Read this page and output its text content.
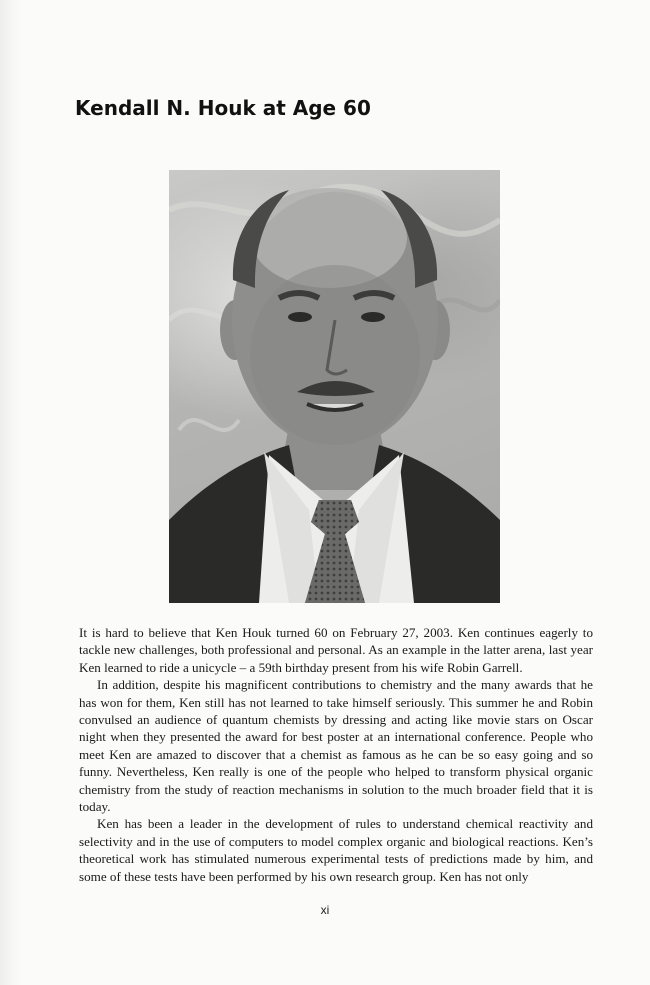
Kendall N. Houk at Age 60

It is hard to believe that Ken Houk turned 60 on February 27, 2003. Ken continues eagerly to tackle new challenges, both professional and personal. As an example in the latter arena, last year Ken learned to ride a unicycle – a 59th birthday present from his wife Robin Garrell.

In addition, despite his magnificent contributions to chemistry and the many awards that he has won for them, Ken still has not learned to take himself seriously. This summer he and Robin convulsed an audience of quantum chemists by dressing and acting like movie stars on Oscar night when they presented the award for best poster at an international conference. People who meet Ken are amazed to discover that a chemist as famous as he can be so easy going and so funny. Nevertheless, Ken really is one of the people who helped to transform physical organic chemistry from the study of reaction mechanisms in solution to the much broader field that it is today.

Ken has been a leader in the development of rules to understand chemical reactivity and selectivity and in the use of computers to model complex organic and biological reactions. Ken’s theoretical work has stimulated numerous experimental tests of predictions made by him, and some of these tests have been performed by his own research group. Ken has not only

xi
